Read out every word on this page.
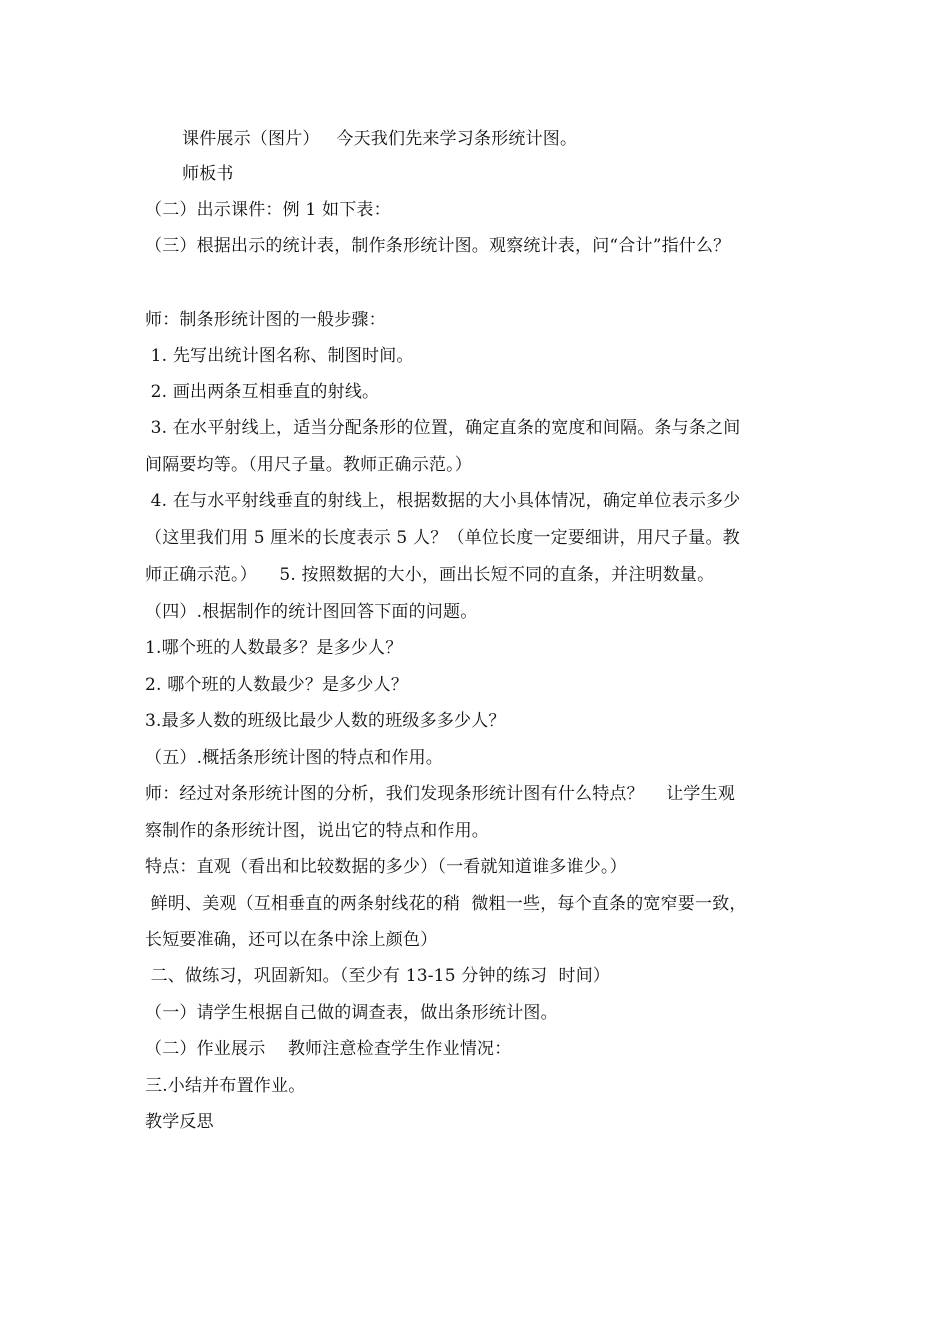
课件展示（图片）   今天我们先来学习条形统计图。
师板书
（二）出示课件：例 1 如下表：
（三）根据出示的统计表，制作条形统计图。观察统计表，问“合计”指什么？
师：制条形统计图的一般步骤：
1. 先写出统计图名称、制图时间。
2. 画出两条互相垂直的射线。
3. 在水平射线上，适当分配条形的位置，确定直条的宽度和间隔。条与条之间
间隔要均等。（用尺子量。教师正确示范。）
4. 在与水平射线垂直的射线上，根据数据的大小具体情况，确定单位表示多少
（这里我们用 5 厘米的长度表示 5 人？（单位长度一定要细讲，用尺子量。教
师正确示范。）    5. 按照数据的大小，画出长短不同的直条，并注明数量。
（四）.根据制作的统计图回答下面的问题。
1.哪个班的人数最多？是多少人？
2. 哪个班的人数最少？是多少人？
3.最多人数的班级比最少人数的班级多多少人？
（五）.概括条形统计图的特点和作用。
师：经过对条形统计图的分析，我们发现条形统计图有什么特点？    让学生观
察制作的条形统计图，说出它的特点和作用。
特点：直观（看出和比较数据的多少）（一看就知道谁多谁少。）
鲜明、美观（互相垂直的两条射线花的稍  微粗一些，每个直条的宽窄要一致，
长短要准确，还可以在条中涂上颜色）
二、做练习，巩固新知。（至少有 13-15 分钟的练习  时间）
（一）请学生根据自己做的调查表，做出条形统计图。
（二）作业展示    教师注意检查学生作业情况：
三.小结并布置作业。
教学反思
